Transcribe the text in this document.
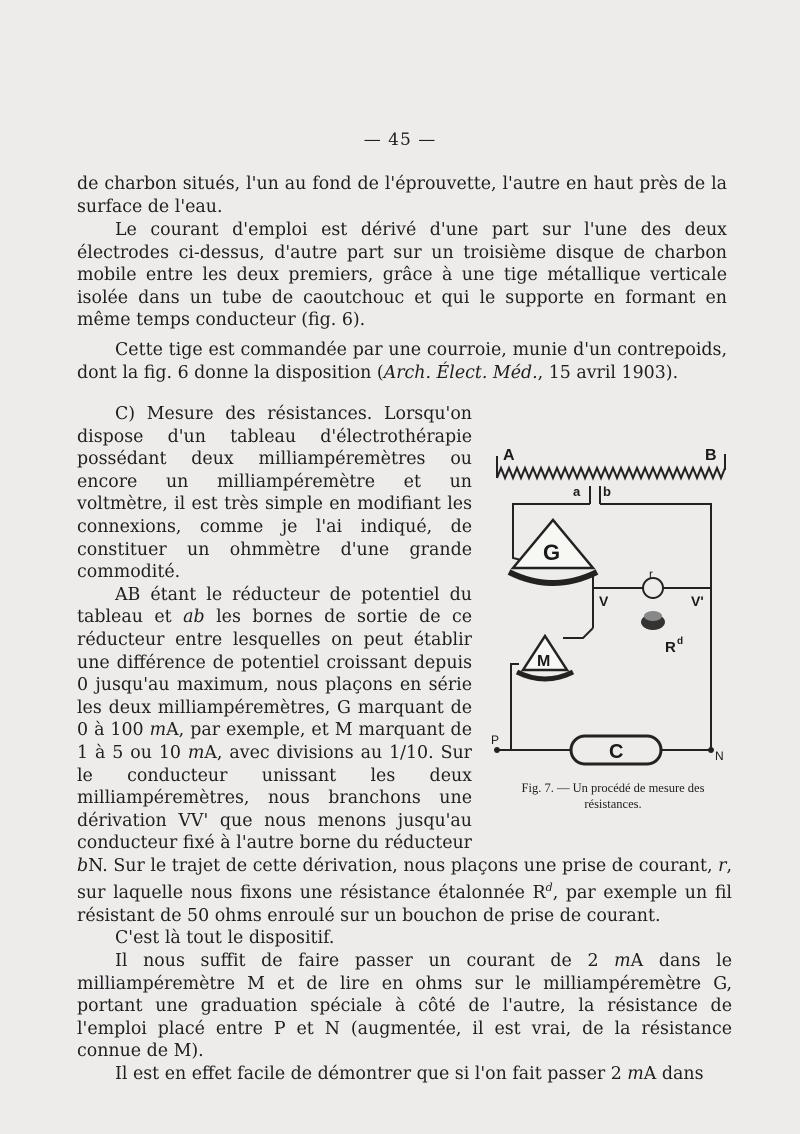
— 45 —

de charbon situés, l'un au fond de l'éprouvette, l'autre en haut près de la surface de l'eau.

Le courant d'emploi est dérivé d'une part sur l'une des deux électrodes ci-dessus, d'autre part sur un troisième disque de charbon mobile entre les deux premiers, grâce à une tige métallique verticale isolée dans un tube de caoutchouc et qui le supporte en formant en même temps conducteur (fig. 6).

Cette tige est commandée par une courroie, munie d'un contrepoids, dont la fig. 6 donne la disposition (Arch. Élect. Méd., 15 avril 1903).

C) Mesure des résistances. Lorsqu'on dispose d'un tableau d'électrothérapie possédant deux milliampéremètres ou encore un milliampéremètre et un voltmètre, il est très simple en modifiant les connexions, comme je l'ai indiqué, de constituer un ohmmètre d'une grande commodité.

AB étant le réducteur de potentiel du tableau et ab les bornes de sortie de ce réducteur entre lesquelles on peut établir une différence de potentiel croissant depuis 0 jusqu'au maximum, nous plaçons en série les deux milliampéremètres, G marquant de 0 à 100 mA, par exemple, et M marquant de 1 à 5 ou 10 mA, avec divisions au 1/10. Sur le conducteur unissant les deux milliampéremètres, nous branchons une dérivation VV' que nous menons jusqu'au conducteur fixé à l'autre borne du réducteur bN. Sur le trajet de cette dérivation, nous plaçons une prise de courant, r, sur laquelle nous fixons une résistance étalonnée $R^d$, par exemple un fil résistant de 50 ohms enroulé sur un bouchon de prise de courant.

C'est là tout le dispositif.

Il nous suffit de faire passer un courant de 2 mA dans le milliampéremètre M et de lire en ohms sur le milliampéremètre G, portant une graduation spéciale à côté de l'autre, la résistance de l'emploi placé entre P et N (augmentée, il est vrai, de la résistance connue de M).

Il est en effet facile de démontrer que si l'on fait passer 2 mA dans

A	B
a b
G
M
C
V	V'
r
R d
P
N
Fig. 7. — Un procédé de mesure des résistances.
